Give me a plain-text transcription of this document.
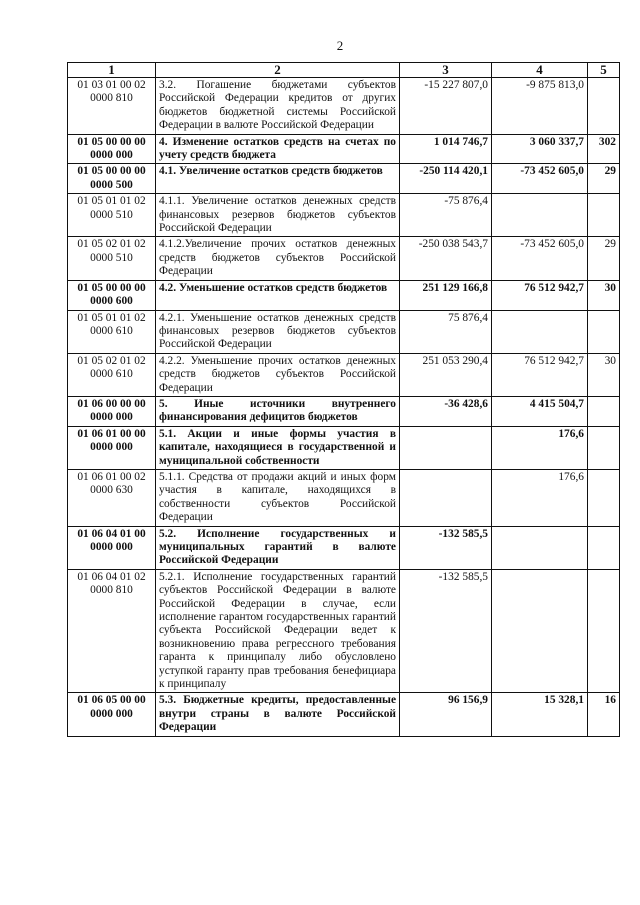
2
1	2	3	4	5
01 03 01 00 02 0000 810	3.2. Погашение бюджетами субъектов Российской Федерации кредитов от других бюджетов бюджетной системы Российской Федерации в валюте Российской Федерации	-15 227 807,0	-9 875 813,0	
01 05 00 00 00 0000 000	4. Изменение остатков средств на счетах по учету средств бюджета	1 014 746,7	3 060 337,7	302
01 05 00 00 00 0000 500	4.1. Увеличение остатков средств бюджетов	-250 114 420,1	-73 452 605,0	29
01 05 01 01 02 0000 510	4.1.1. Увеличение остатков денежных средств финансовых резервов бюджетов субъектов Российской Федерации	-75 876,4		
01 05 02 01 02 0000 510	4.1.2.Увеличение прочих остатков денежных средств бюджетов субъектов Российской Федерации	-250 038 543,7	-73 452 605,0	29
01 05 00 00 00 0000 600	4.2. Уменьшение остатков средств бюджетов	251 129 166,8	76 512 942,7	30
01 05 01 01 02 0000 610	4.2.1. Уменьшение остатков денежных средств финансовых резервов бюджетов субъектов Российской Федерации	75 876,4		
01 05 02 01 02 0000 610	4.2.2. Уменьшение прочих остатков денежных средств бюджетов субъектов Российской Федерации	251 053 290,4	76 512 942,7	30
01 06 00 00 00 0000 000	5. Иные источники внутреннего финансирования дефицитов бюджетов	-36 428,6	4 415 504,7	
01 06 01 00 00 0000 000	5.1. Акции и иные формы участия в капитале, находящиеся в государственной и муниципальной собственности		176,6	
01 06 01 00 02 0000 630	5.1.1. Средства от продажи акций и иных форм участия в капитале, находящихся в собственности субъектов Российской Федерации		176,6	
01 06 04 01 00 0000 000	5.2. Исполнение государственных и муниципальных гарантий в валюте Российской Федерации	-132 585,5		
01 06 04 01 02 0000 810	5.2.1. Исполнение государственных гарантий субъектов Российской Федерации в валюте Российской Федерации в случае, если исполнение гарантом государственных гарантий субъекта Российской Федерации ведет к возникновению права регрессного требования гаранта к принципалу либо обусловлено уступкой гаранту прав требования бенефициара к принципалу	-132 585,5		
01 06 05 00 00 0000 000	5.3. Бюджетные кредиты, предоставленные внутри страны в валюте Российской Федерации	96 156,9	15 328,1	16
